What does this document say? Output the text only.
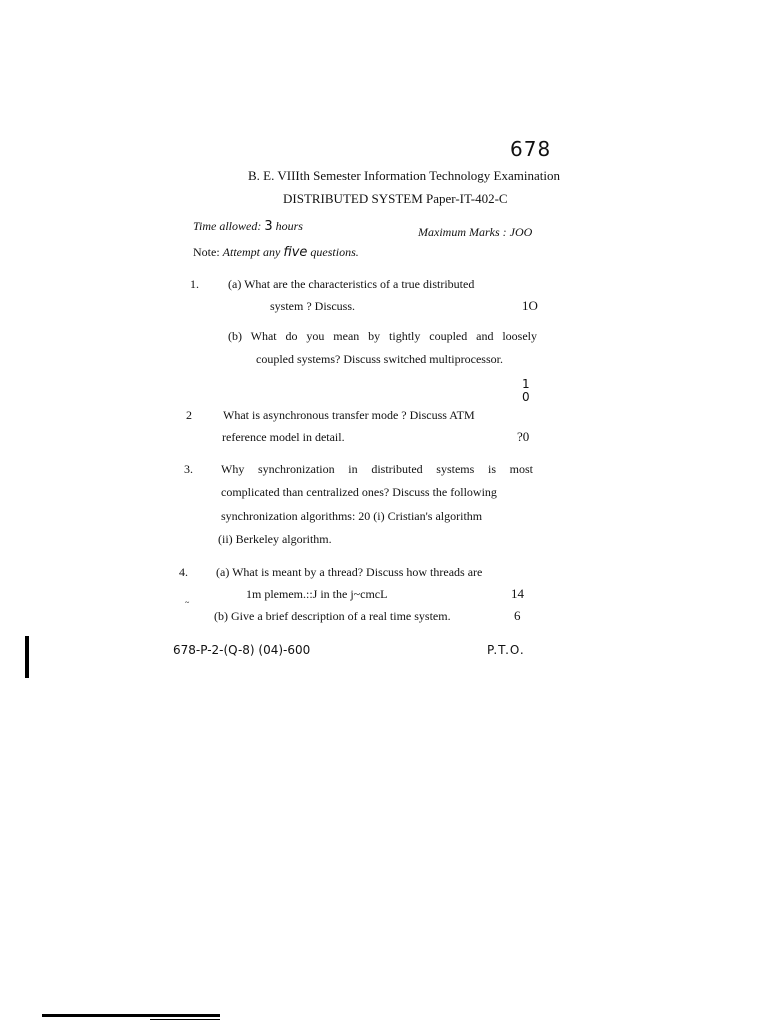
678
B. E. VIIIth Semester Information Technology Examination
DISTRIBUTED SYSTEM Paper-IT-402-C
Time allowed: 3 hours	Maximum Marks : JOO
Note: Attempt any five questions.
1. (a) What are the characteristics of a true distributed
system ? Discuss.	1O
(b) What do you mean by tightly coupled and loosely
coupled systems? Discuss switched multiprocessor.
1
0
2	What is asynchronous transfer mode ? Discuss ATM
reference model in detail.	?0
3. Why synchronization in distributed systems is most
complicated than centralized ones? Discuss the following
synchronization algorithms: 20 (i) Cristian's algorithm
(ii) Berkeley algorithm.
4. (a) What is meant by a thread? Discuss how threads are
1m plemem.::J in the j~cmcL	14
~
(b) Give a brief description of a real time system.	6
678-P-2-(Q-8) (04)-600	P.T.O.
